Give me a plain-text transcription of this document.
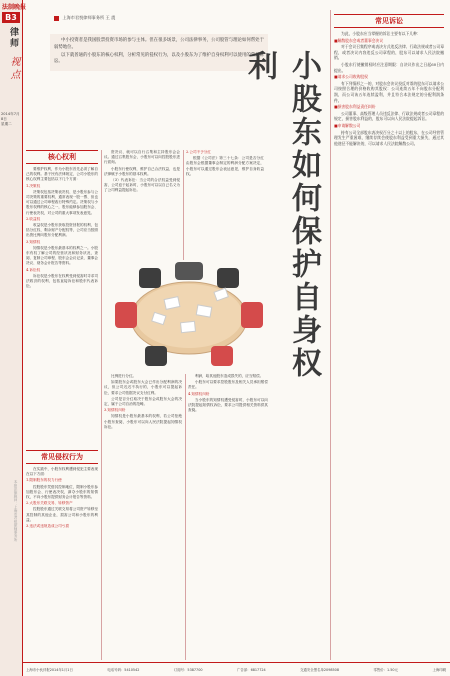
法制晚报
B3
律师
视点
2014年7月8日
星期二
本报法律顾问：上海市君悦律师事务所
上海市君悦律师事务所 王 震

中小投资者是我国股票投资市场的参与主体。但在很多场景，公司法律事务，公司股管与理论如何帮处于弱势地位。

以下就普通的小股东的核心权利，分析常见的侵权行为，以及小股东为了维护自身权利可以使用的常见诉讼。	小股东如何保护自身权利
核心权利

要维护权利，作为小股东首先必须了解自己的权利。基于民有法律规定，公司小股东的核心权利主要包括以下几个方面：

1.决策权

决策权包括决策表决权、是小股东参与公司决策的重要权利，通常表现一股一票、但也可以通过公司章程改行特殊约定。决策权与小股东权利的核心之一，股东能够参加股东会、行使表决权，对公司的重大事项发表意见。

2.收益权

收益权是小股东获取投资回报的权利，包括分红权、剩余财产分配权等，公司应当按照出资比例向股东分配利润。

3.知情权

知情权是小股东最基本的权利之一。小股东有权了解公司的经营状况和财务状况，查阅、复制公司章程、股东会会议记录、董事会决议、财务会计报告等资料。

4.诉讼权

诉讼权是小股东在权利受到侵害时寻求司法救济的权利，包括直接诉讼和股东代表诉讼。

资决议、就可以自行召集和主持股东会会议。通过召集股东会，小股东可以向控股股东进行质询。

小股东行使权利，维护自己合法权益，也是法律赋予小股东的基本权利。

（3）代表诉讼：当公司的合法权益受到侵害，公司怠于起诉时，小股东可以以自己名义为了公司利益提起诉讼。

2.公司不予分红

根据《公司法》第三十七条：公司是否分红由股东会根据董事会制定的利润分配方案决定，小股东可以通过股东会表达意见，维护自身收益权。

比例进行分红。

如果股东会或股东大会已作出分配利润的决议，但公司迟迟不执行的，小股东可以提起诉讼，要求公司依据决议支付红利。

公司是否分红取决于股东会或股东大会的决定，属于公司自治的范畴。

3.知情权纠纷

知情权是小股东最基本的权利，若公司拒绝小股东查阅，小股东可以向人民法院提起知情权诉讼。

利润，给其他股东造成损失的，应当赔偿。

小股东可以要求控股股东及相关人员承担赔偿责任。

4.知情权纠纷

当小股东的知情权遭受侵害时，小股东可以向法院提起知情权诉讼，要求公司提供相关资料供其查阅。

常见侵权行为

在实践中，小股东权利遭到侵犯主要表现在以下方面：

1.限制股东的权力行使

控股股东凭借其控制地位，限制小股东参加股东会、行使表决权，剥夺小股东的知情权，不向小股东提供财务会计报告等资料。

2.大股东关联交易、转移资产

控股股东通过关联交易将公司资产转移至其控制的其他企业，损害公司和小股东的利益。

3.违法或违规造成公司亏损

常见诉讼

为此，小股东应当掌握的诉讼主要有以下几种：

■解散股东会或者董事会决议

对于会议召集程序或表决方式违反法律、行政法规或者公司章程，或者决议内容违反公司章程的，股东可以请求人民法院撤销。

小股东行使撤销权时应注意期限：自决议作出之日起60日内提出。

■请求公司收购股权

有下列情形之一的，对股东会决议投反对票的股东可以请求公司按照合理的价格收购其股权：公司连续五年不向股东分配利润，而公司该五年连续盈利，并且符合本法规定的分配利润条件。

■损害股东利益责任纠纷

公司董事、高级管理人员违反法律、行政法规或者公司章程的规定，损害股东利益的，股东可以向人民法院提起诉讼。

■申请解散公司

持有公司全部股东表决权百分之十以上的股东，在公司经营管理发生严重困难，继续存续会使股东利益受到重大损失，通过其他途径不能解决的，可以请求人民法院解散公司。

上海市小伙伴报2014年1月1日	电话号码：5410542	订阅号：5387700	广告部：6817724	交通安全黑名单2098508	零售价：1.50元	上海印刷
